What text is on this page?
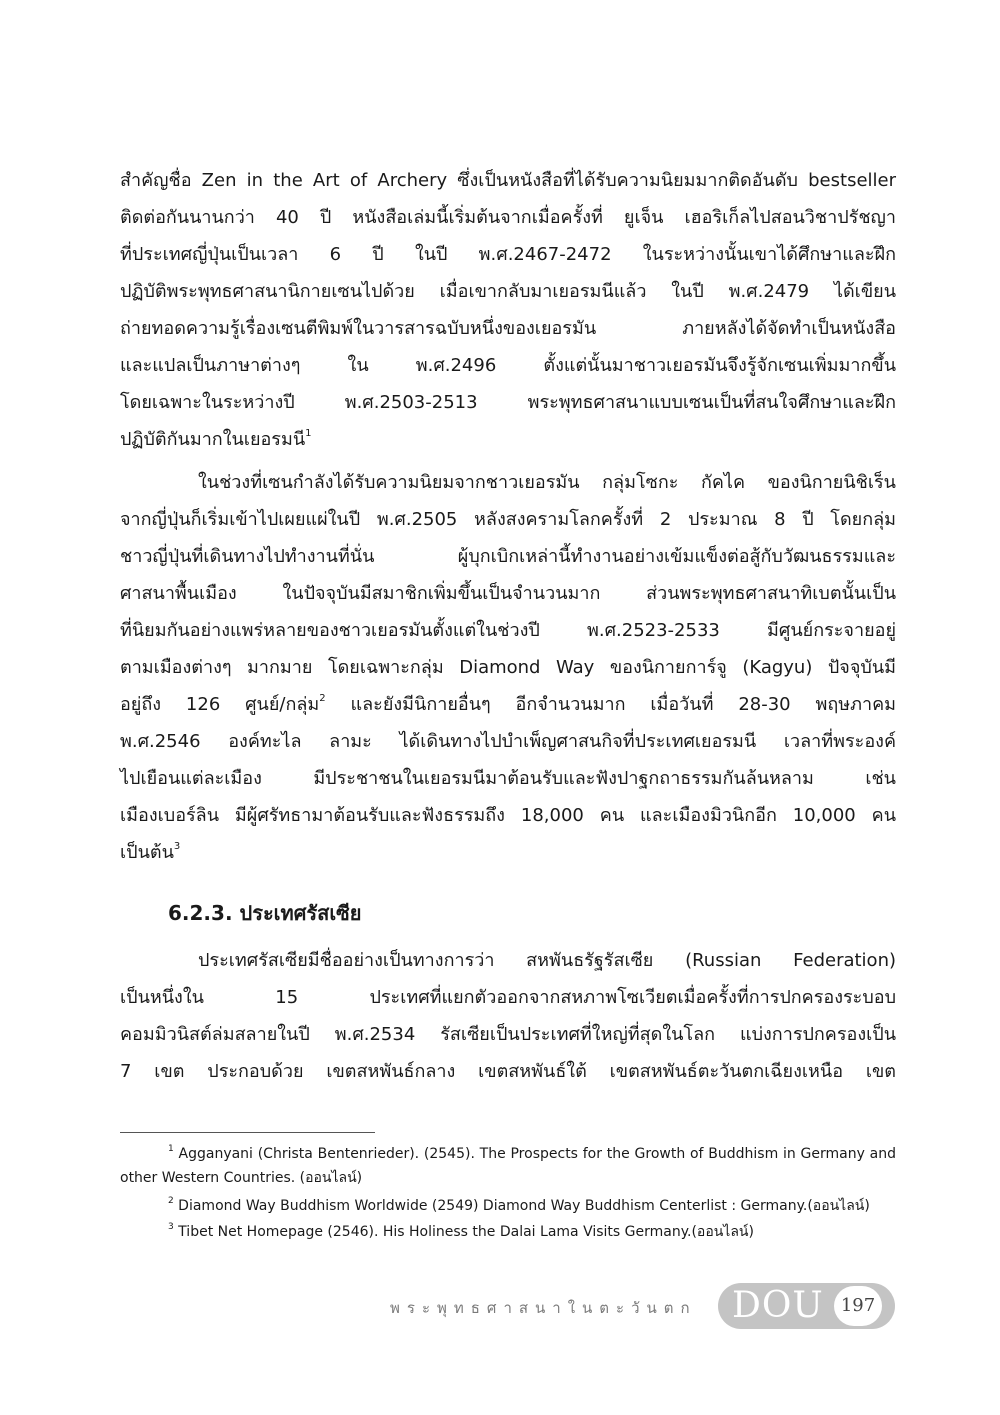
สำคัญชื่อ Zen in the Art of Archery ซึ่งเป็นหนังสือที่ได้รับความนิยมมากติดอันดับ bestseller

ติดต่อกันนานกว่า 40 ปี หนังสือเล่มนี้เริ่มต้นจากเมื่อครั้งที่ ยูเจ็น เฮอริเก็ลไปสอนวิชาปรัชญา

ที่ประเทศญี่ปุ่นเป็นเวลา 6 ปี ในปี พ.ศ.2467-2472 ในระหว่างนั้นเขาได้ศึกษาและฝึก

ปฏิบัติพระพุทธศาสนานิกายเซนไปด้วย เมื่อเขากลับมาเยอรมนีแล้ว ในปี พ.ศ.2479 ได้เขียน

ถ่ายทอดความรู้เรื่องเซนตีพิมพ์ในวารสารฉบับหนึ่งของเยอรมัน ภายหลังได้จัดทำเป็นหนังสือ

และแปลเป็นภาษาต่างๆ ใน พ.ศ.2496 ตั้งแต่นั้นมาชาวเยอรมันจึงรู้จักเซนเพิ่มมากขึ้น

โดยเฉพาะในระหว่างปี พ.ศ.2503-2513 พระพุทธศาสนาแบบเซนเป็นที่สนใจศึกษาและฝึก

ปฏิบัติกันมากในเยอรมนี$^1$

ในช่วงที่เซนกำลังได้รับความนิยมจากชาวเยอรมัน กลุ่มโซกะ กัคไค ของนิกายนิชิเร็น

จากญี่ปุ่นก็เริ่มเข้าไปเผยแผ่ในปี พ.ศ.2505 หลังสงครามโลกครั้งที่ 2 ประมาณ 8 ปี โดยกลุ่ม

ชาวญี่ปุ่นที่เดินทางไปทำงานที่นั่น ผู้บุกเบิกเหล่านี้ทำงานอย่างเข้มแข็งต่อสู้กับวัฒนธรรมและ

ศาสนาพื้นเมือง ในปัจจุบันมีสมาชิกเพิ่มขึ้นเป็นจำนวนมาก ส่วนพระพุทธศาสนาทิเบตนั้นเป็น

ที่นิยมกันอย่างแพร่หลายของชาวเยอรมันตั้งแต่ในช่วงปี พ.ศ.2523-2533 มีศูนย์กระจายอยู่

ตามเมืองต่างๆ มากมาย โดยเฉพาะกลุ่ม Diamond Way ของนิกายการ์จู (Kagyu) ปัจจุบันมี

อยู่ถึง 126 ศูนย์/กลุ่ม$^2$ และยังมีนิกายอื่นๆ อีกจำนวนมาก เมื่อวันที่ 28-30 พฤษภาคม

พ.ศ.2546 องค์ทะไล ลามะ ได้เดินทางไปบำเพ็ญศาสนกิจที่ประเทศเยอรมนี เวลาที่พระองค์

ไปเยือนแต่ละเมือง มีประชาชนในเยอรมนีมาต้อนรับและฟังปาฐกถาธรรมกันล้นหลาม เช่น

เมืองเบอร์ลิน มีผู้ศรัทธามาต้อนรับและฟังธรรมถึง 18,000 คน และเมืองมิวนิกอีก 10,000 คน

เป็นต้น$^3$

6.2.3. ประเทศรัสเซีย

ประเทศรัสเซียมีชื่ออย่างเป็นทางการว่า สหพันธรัฐรัสเซีย (Russian Federation)

เป็นหนึ่งใน 15 ประเทศที่แยกตัวออกจากสหภาพโซเวียตเมื่อครั้งที่การปกครองระบอบ

คอมมิวนิสต์ล่มสลายในปี พ.ศ.2534 รัสเซียเป็นประเทศที่ใหญ่ที่สุดในโลก แบ่งการปกครองเป็น

7 เขต ประกอบด้วย เขตสหพันธ์กลาง เขตสหพันธ์ใต้ เขตสหพันธ์ตะวันตกเฉียงเหนือ เขต

$^1$ Agganyani (Christa Bentenrieder). (2545). The Prospects for the Growth of Buddhism in Germany and other Western Countries. (ออนไลน์)

$^2$ Diamond Way Buddhism Worldwide (2549) Diamond Way Buddhism Centerlist : Germany.(ออนไลน์)

$^3$ Tibet Net Homepage (2546). His Holiness the Dalai Lama Visits Germany.(ออนไลน์)

พระพุทธศาสนาในตะวันตก DOU 197
